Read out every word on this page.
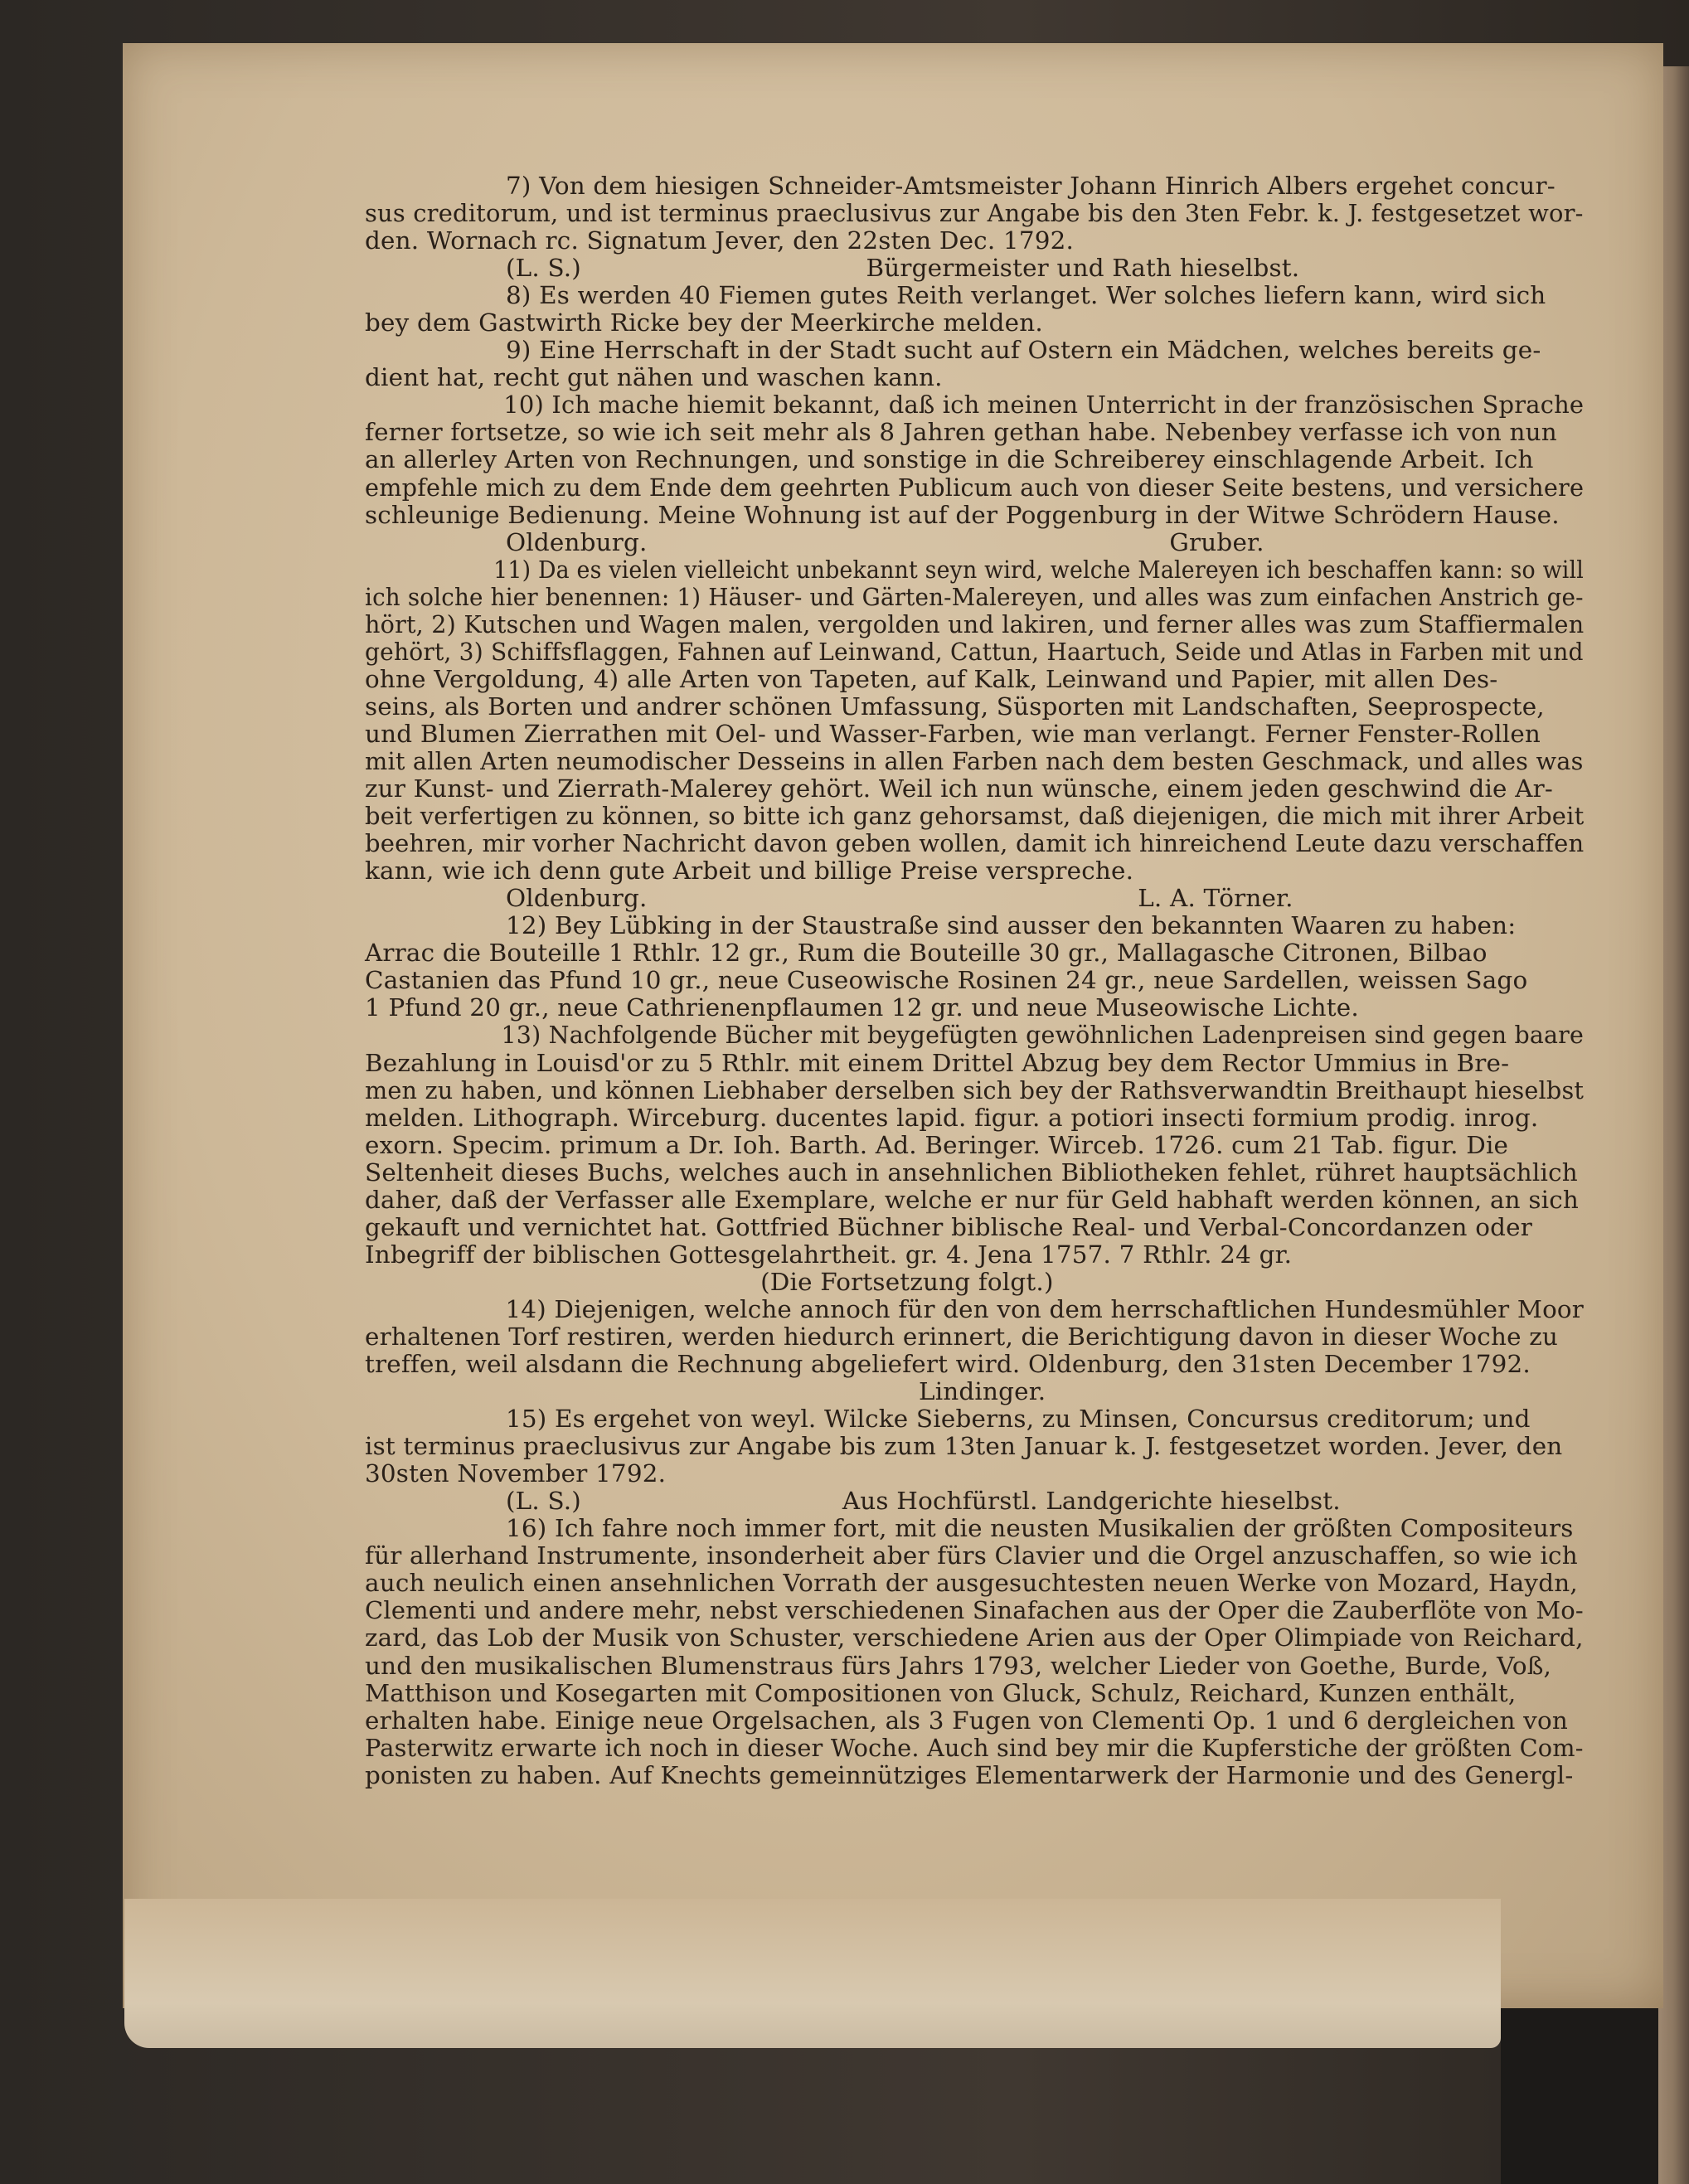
7) Von dem hiesigen Schneider-Amtsmeister Johann Hinrich Albers ergehet concur-
sus creditorum, und ist terminus praeclusivus zur Angabe bis den 3ten Febr. k. J. festgesetzet wor-
den. Wornach rc. Signatum Jever, den 22sten Dec. 1792.
(L. S.)                                    Bürgermeister und Rath hieselbst.
8) Es werden 40 Fiemen gutes Reith verlanget. Wer solches liefern kann, wird sich
bey dem Gastwirth Ricke bey der Meerkirche melden.
9) Eine Herrschaft in der Stadt sucht auf Ostern ein Mädchen, welches bereits ge-
dient hat, recht gut nähen und waschen kann.
10) Ich mache hiemit bekannt, daß ich meinen Unterricht in der französischen Sprache
ferner fortsetze, so wie ich seit mehr als 8 Jahren gethan habe. Nebenbey verfasse ich von nun
an allerley Arten von Rechnungen, und sonstige in die Schreiberey einschlagende Arbeit. Ich
empfehle mich zu dem Ende dem geehrten Publicum auch von dieser Seite bestens, und versichere
schleunige Bedienung. Meine Wohnung ist auf der Poggenburg in der Witwe Schrödern Hause.
Oldenburg.                                                                  Gruber.
11) Da es vielen vielleicht unbekannt seyn wird, welche Malereyen ich beschaffen kann: so will
ich solche hier benennen: 1) Häuser- und Gärten-Malereyen, und alles was zum einfachen Anstrich ge-
hört, 2) Kutschen und Wagen malen, vergolden und lakiren, und ferner alles was zum Staffiermalen
gehört, 3) Schiffsflaggen, Fahnen auf Leinwand, Cattun, Haartuch, Seide und Atlas in Farben mit und
ohne Vergoldung, 4) alle Arten von Tapeten, auf Kalk, Leinwand und Papier, mit allen Des-
seins, als Borten und andrer schönen Umfassung, Süsporten mit Landschaften, Seeprospecte,
und Blumen Zierrathen mit Oel- und Wasser-Farben, wie man verlangt. Ferner Fenster-Rollen
mit allen Arten neumodischer Desseins in allen Farben nach dem besten Geschmack, und alles was
zur Kunst- und Zierrath-Malerey gehört. Weil ich nun wünsche, einem jeden geschwind die Ar-
beit verfertigen zu können, so bitte ich ganz gehorsamst, daß diejenigen, die mich mit ihrer Arbeit
beehren, mir vorher Nachricht davon geben wollen, damit ich hinreichend Leute dazu verschaffen
kann, wie ich denn gute Arbeit und billige Preise verspreche.
Oldenburg.                                                              L. A. Törner.
12) Bey Lübking in der Staustraße sind ausser den bekannten Waaren zu haben:
Arrac die Bouteille 1 Rthlr. 12 gr., Rum die Bouteille 30 gr., Mallagasche Citronen, Bilbao
Castanien das Pfund 10 gr., neue Cuseowische Rosinen 24 gr., neue Sardellen, weissen Sago
1 Pfund 20 gr., neue Cathrienenpflaumen 12 gr. und neue Museowische Lichte.
13) Nachfolgende Bücher mit beygefügten gewöhnlichen Ladenpreisen sind gegen baare
Bezahlung in Louisd'or zu 5 Rthlr. mit einem Drittel Abzug bey dem Rector Ummius in Bre-
men zu haben, und können Liebhaber derselben sich bey der Rathsverwandtin Breithaupt hieselbst
melden. Lithograph. Wirceburg. ducentes lapid. figur. a potiori insecti formium prodig. inrog.
exorn. Specim. primum a Dr. Ioh. Barth. Ad. Beringer. Wirceb. 1726. cum 21 Tab. figur. Die
Seltenheit dieses Buchs, welches auch in ansehnlichen Bibliotheken fehlet, rühret hauptsächlich
daher, daß der Verfasser alle Exemplare, welche er nur für Geld habhaft werden können, an sich
gekauft und vernichtet hat. Gottfried Büchner biblische Real- und Verbal-Concordanzen oder
Inbegriff der biblischen Gottesgelahrtheit. gr. 4. Jena 1757. 7 Rthlr. 24 gr.
(Die Fortsetzung folgt.)
14) Diejenigen, welche annoch für den von dem herrschaftlichen Hundesmühler Moor
erhaltenen Torf restiren, werden hiedurch erinnert, die Berichtigung davon in dieser Woche zu
treffen, weil alsdann die Rechnung abgeliefert wird. Oldenburg, den 31sten December 1792.
Lindinger.
15) Es ergehet von weyl. Wilcke Sieberns, zu Minsen, Concursus creditorum; und
ist terminus praeclusivus zur Angabe bis zum 13ten Januar k. J. festgesetzet worden. Jever, den
30sten November 1792.
(L. S.)                                 Aus Hochfürstl. Landgerichte hieselbst.
16) Ich fahre noch immer fort, mit die neusten Musikalien der größten Compositeurs
für allerhand Instrumente, insonderheit aber fürs Clavier und die Orgel anzuschaffen, so wie ich
auch neulich einen ansehnlichen Vorrath der ausgesuchtesten neuen Werke von Mozard, Haydn,
Clementi und andere mehr, nebst verschiedenen Sinafachen aus der Oper die Zauberflöte von Mo-
zard, das Lob der Musik von Schuster, verschiedene Arien aus der Oper Olimpiade von Reichard,
und den musikalischen Blumenstraus fürs Jahrs 1793, welcher Lieder von Goethe, Burde, Voß,
Matthison und Kosegarten mit Compositionen von Gluck, Schulz, Reichard, Kunzen enthält,
erhalten habe. Einige neue Orgelsachen, als 3 Fugen von Clementi Op. 1 und 6 dergleichen von
Pasterwitz erwarte ich noch in dieser Woche. Auch sind bey mir die Kupferstiche der größten Com-
ponisten zu haben. Auf Knechts gemeinnütziges Elementarwerk der Harmonie und des Genergl-
